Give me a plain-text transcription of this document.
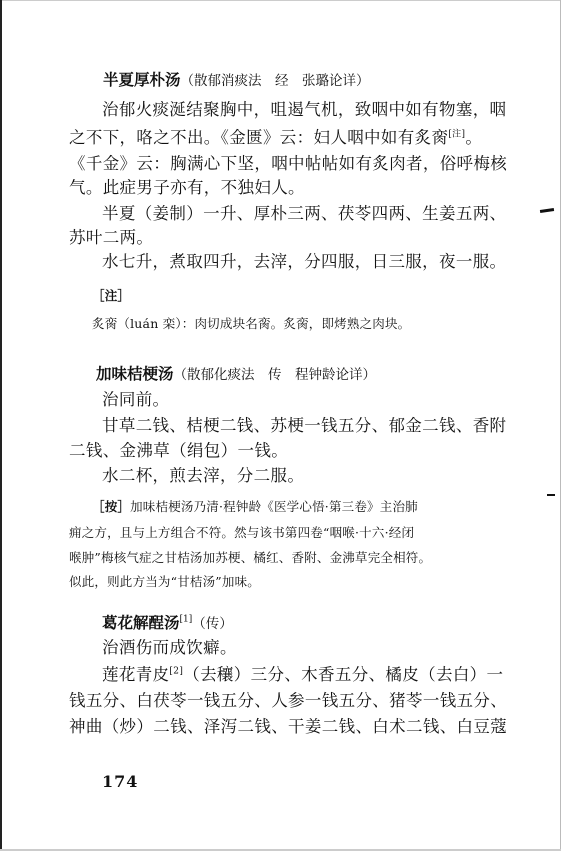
半夏厚朴汤（散郁消痰法　经　张璐论详）
治郁火痰涎结聚胸中，咀遏气机，致咽中如有物塞，咽
之不下，咯之不出。《金匮》云：妇人咽中如有炙脔[注]。
《千金》云：胸满心下坚，咽中帖帖如有炙肉者，俗呼梅核
气。此症男子亦有，不独妇人。
半夏（姜制）一升、厚朴三两、茯苓四两、生姜五两、
苏叶二两。
水七升，煮取四升，去滓，分四服，日三服，夜一服。
［注］
炙脔（luán 栾）：肉切成块名脔。炙脔，即烤熟之肉块。
加味桔梗汤（散郁化痰法　传　程钟龄论详）
治同前。
甘草二钱、桔梗二钱、苏梗一钱五分、郁金二钱、香附
二钱、金沸草（绢包）一钱。
水二杯，煎去滓，分二服。
［按］加味桔梗汤乃清·程钟龄《医学心悟·第三卷》主治肺
痈之方，且与上方组合不符。然与该书第四卷“咽喉·十六·经闭
喉肿”梅核气症之甘桔汤加苏梗、橘红、香附、金沸草完全相符。
似此，则此方当为“甘桔汤”加味。
葛花解酲汤[1]（传）
治酒伤而成饮癖。
莲花青皮[2]（去穰）三分、木香五分、橘皮（去白）一
钱五分、白茯苓一钱五分、人参一钱五分、猪苓一钱五分、
神曲（炒）二钱、泽泻二钱、干姜二钱、白术二钱、白豆蔻
174
